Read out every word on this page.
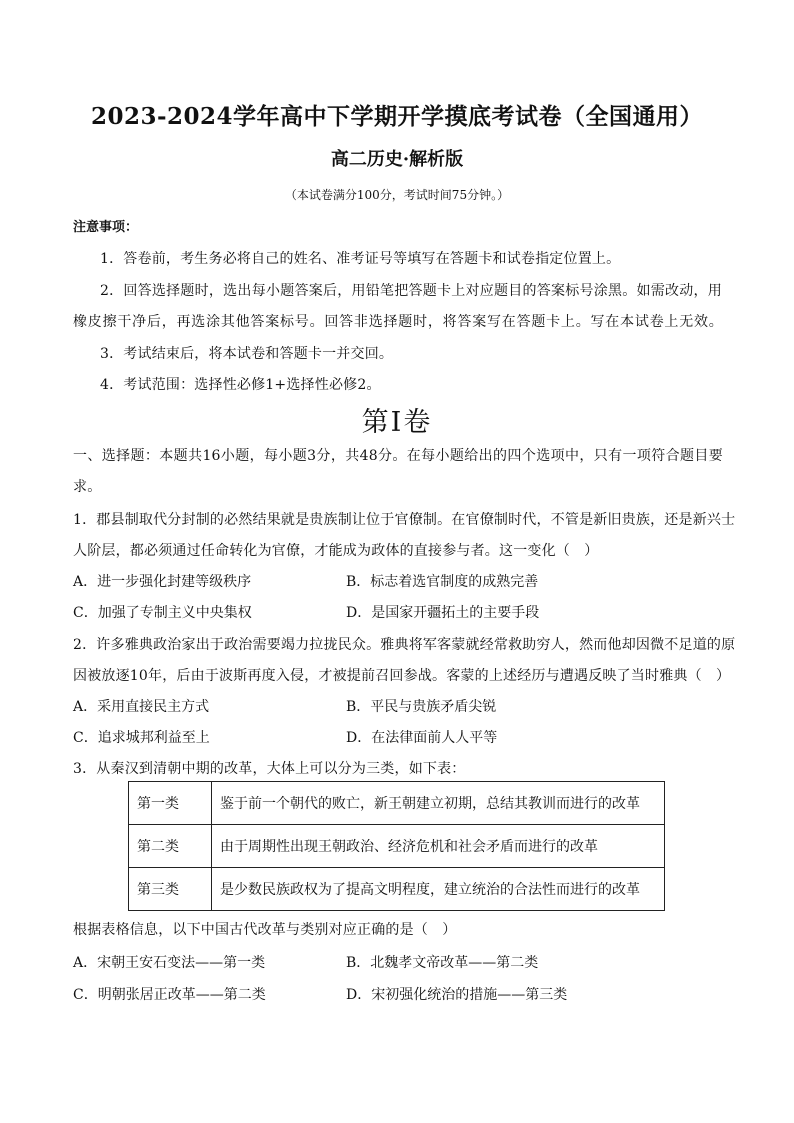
2023-2024学年高中下学期开学摸底考试卷（全国通用）
高二历史·解析版
（本试卷满分100分，考试时间75分钟。）
注意事项：
1．答卷前，考生务必将自己的姓名、准考证号等填写在答题卡和试卷指定位置上。
2．回答选择题时，选出每小题答案后，用铅笔把答题卡上对应题目的答案标号涂黑。如需改动，用
橡皮擦干净后，再选涂其他答案标号。回答非选择题时，将答案写在答题卡上。写在本试卷上无效。
3．考试结束后，将本试卷和答题卡一并交回。
4．考试范围：选择性必修1+选择性必修2。
第Ⅰ卷
一、选择题：本题共16小题，每小题3分，共48分。在每小题给出的四个选项中，只有一项符合题目要
求。
1．郡县制取代分封制的必然结果就是贵族制让位于官僚制。在官僚制时代，不管是新旧贵族，还是新兴士
人阶层，都必须通过任命转化为官僚，才能成为政体的直接参与者。这一变化（　）
A．进一步强化封建等级秩序	B．标志着选官制度的成熟完善
C．加强了专制主义中央集权	D．是国家开疆拓土的主要手段
2．许多雅典政治家出于政治需要竭力拉拢民众。雅典将军客蒙就经常救助穷人，然而他却因微不足道的原
因被放逐10年，后由于波斯再度入侵，才被提前召回参战。客蒙的上述经历与遭遇反映了当时雅典（　）
A．采用直接民主方式	B．平民与贵族矛盾尖锐
C．追求城邦利益至上	D．在法律面前人人平等
3．从秦汉到清朝中期的改革，大体上可以分为三类，如下表：
第一类	鉴于前一个朝代的败亡，新王朝建立初期，总结其教训而进行的改革
第二类	由于周期性出现王朝政治、经济危机和社会矛盾而进行的改革
第三类	是少数民族政权为了提高文明程度，建立统治的合法性而进行的改革
根据表格信息，以下中国古代改革与类别对应正确的是（　）
A．宋朝王安石变法——第一类	B．北魏孝文帝改革——第二类
C．明朝张居正改革——第二类	D．宋初强化统治的措施——第三类
